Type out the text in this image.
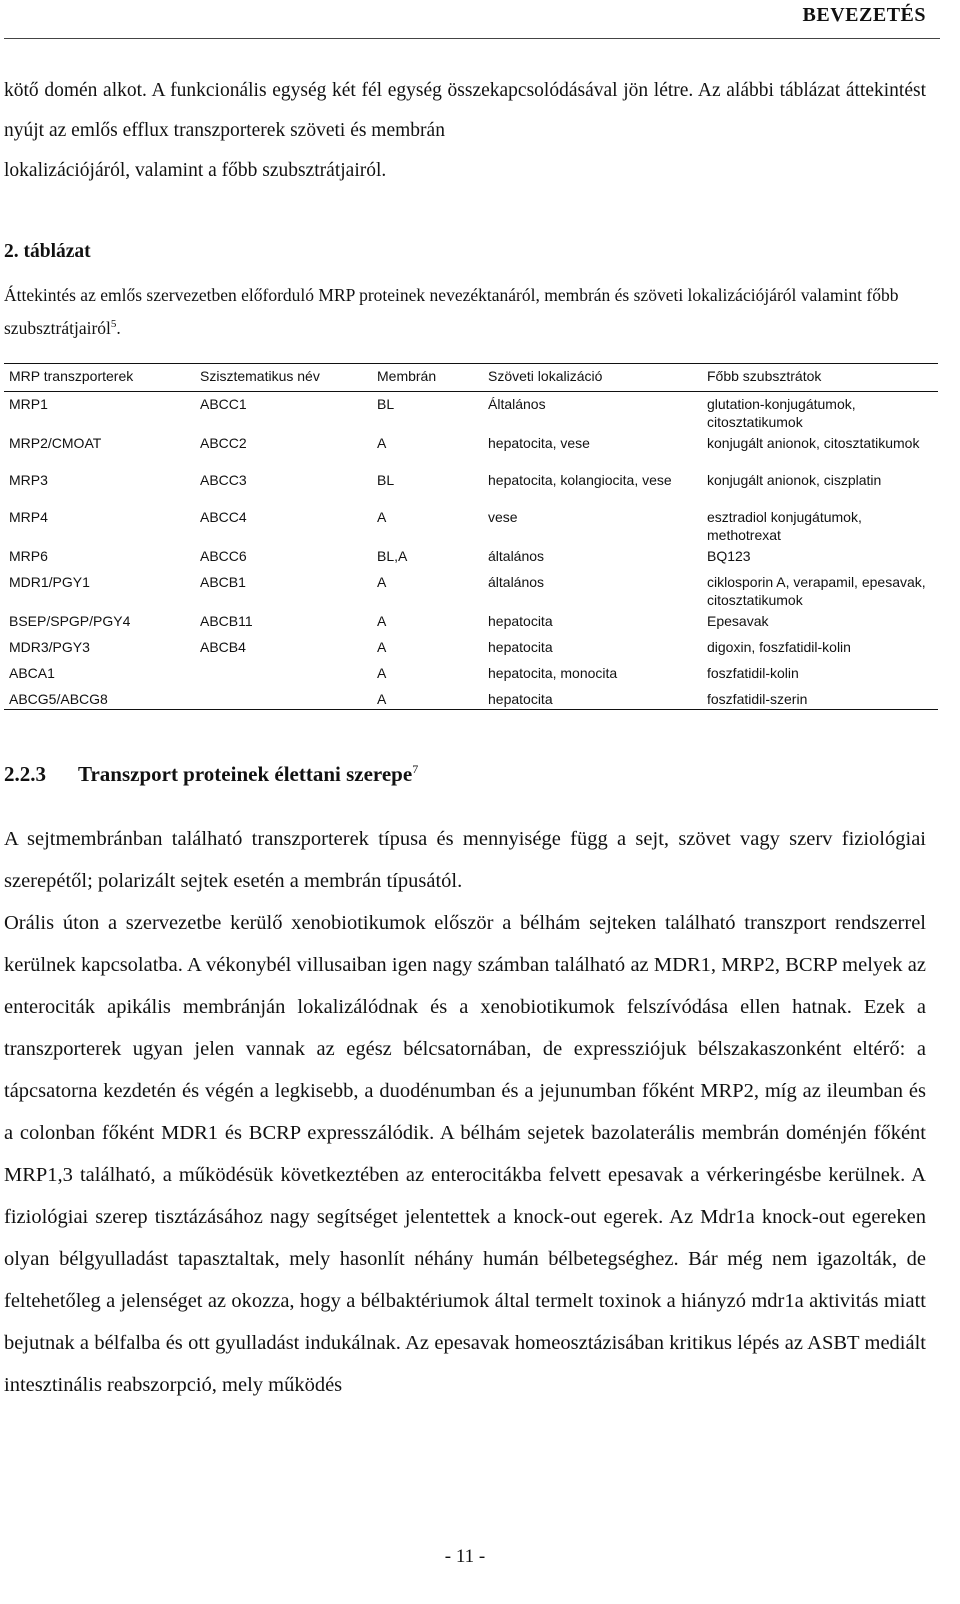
BEVEZETÉS
kötő domén alkot. A funkcionális egység két fél egység összekapcsolódásával jön létre. Az alábbi táblázat áttekintést nyújt az emlős efflux transzporterek szöveti és membrán
lokalizációjáról, valamint a főbb szubsztrátjairól.
2. táblázat
Áttekintés az emlős szervezetben előforduló MRP proteinek nevezéktanáról, membrán és szöveti lokalizációjáról valamint főbb szubsztrátjairól$^5$.
MRP transzporterek	Szisztematikus név	Membrán	Szöveti lokalizáció	Főbb szubsztrátok
MRP1	ABCC1	BL	Általános	glutation-konjugátumok, citosztatikumok
MRP2/CMOAT	ABCC2	A	hepatocita, vese	konjugált anionok, citosztatikumok
MRP3	ABCC3	BL	hepatocita, kolangiocita, vese	konjugált anionok, ciszplatin
MRP4	ABCC4	A	vese	esztradiol konjugátumok, methotrexat
MRP6	ABCC6	BL,A	általános	BQ123
MDR1/PGY1	ABCB1	A	általános	ciklosporin A, verapamil, epesavak, citosztatikumok
BSEP/SPGP/PGY4	ABCB11	A	hepatocita	Epesavak
MDR3/PGY3	ABCB4	A	hepatocita	digoxin, foszfatidil-kolin
ABCA1		A	hepatocita, monocita	foszfatidil-kolin
ABCG5/ABCG8		A	hepatocita	foszfatidil-szerin
2.2.3 Transzport proteinek élettani szerepe$^7$

A sejtmembránban található transzporterek típusa és mennyisége függ a sejt, szövet vagy szerv fiziológiai szerepétől; polarizált sejtek esetén a membrán típusától.

Orális úton a szervezetbe kerülő xenobiotikumok először a bélhám sejteken található transzport rendszerrel kerülnek kapcsolatba. A vékonybél villusaiban igen nagy számban található az MDR1, MRP2, BCRP melyek az enterociták apikális membránján lokalizálódnak és a xenobiotikumok felszívódása ellen hatnak. Ezek a transzporterek ugyan jelen vannak az egész bélcsatornában, de expressziójuk bélszakaszonként eltérő: a tápcsatorna kezdetén és végén a legkisebb, a duodénumban és a jejunumban főként MRP2, míg az ileumban és a colonban főként MDR1 és BCRP expresszálódik. A bélhám sejetek bazolaterális membrán doménjén főként MRP1,3 található, a működésük következtében az enterocitákba felvett epesavak a vérkeringésbe kerülnek. A fiziológiai szerep tisztázásához nagy segítséget jelentettek a knock-out egerek. Az Mdr1a knock-out egereken olyan bélgyulladást tapasztaltak, mely hasonlít néhány humán bélbetegséghez. Bár még nem igazolták, de feltehetőleg a jelenséget az okozza, hogy a bélbaktériumok által termelt toxinok a hiányzó mdr1a aktivitás miatt bejutnak a bélfalba és ott gyulladást indukálnak. Az epesavak homeosztázisában kritikus lépés az ASBT mediált intesztinális reabszorpció, mely működés

- 11 -
